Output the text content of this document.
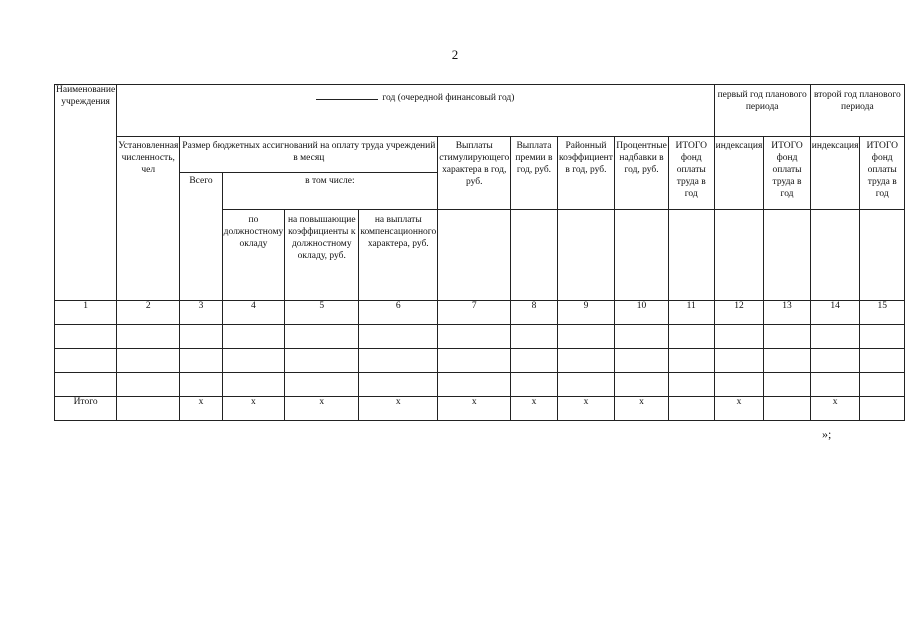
2
Наименование учреждения	год (очередной финансовый год)										первый год планового периода		второй год планового периода	
	Установленная численность, чел	Размер бюджетных ассигнований на оплату труда учреждений в месяц				Выплаты стимулирующего характера в год, руб.	Выплата премии в год, руб.	Районный коэффициент в год, руб.	Процентные надбавки в год, руб.	ИТОГО фонд оплаты труда в год	индексация	ИТОГО фонд оплаты труда в год	индексация	ИТОГО фонд оплаты труда в год
		Всего	в том числе:											
			по должностному окладу	на повышающие коэффициенты к должностному окладу, руб.	на выплаты компенсационного характера, руб.									
1	2	3	4	5	6	7	8	9	10	11	12	13	14	15

Итого		x	x	x	x	x	x	x	x		x		x	
»;
